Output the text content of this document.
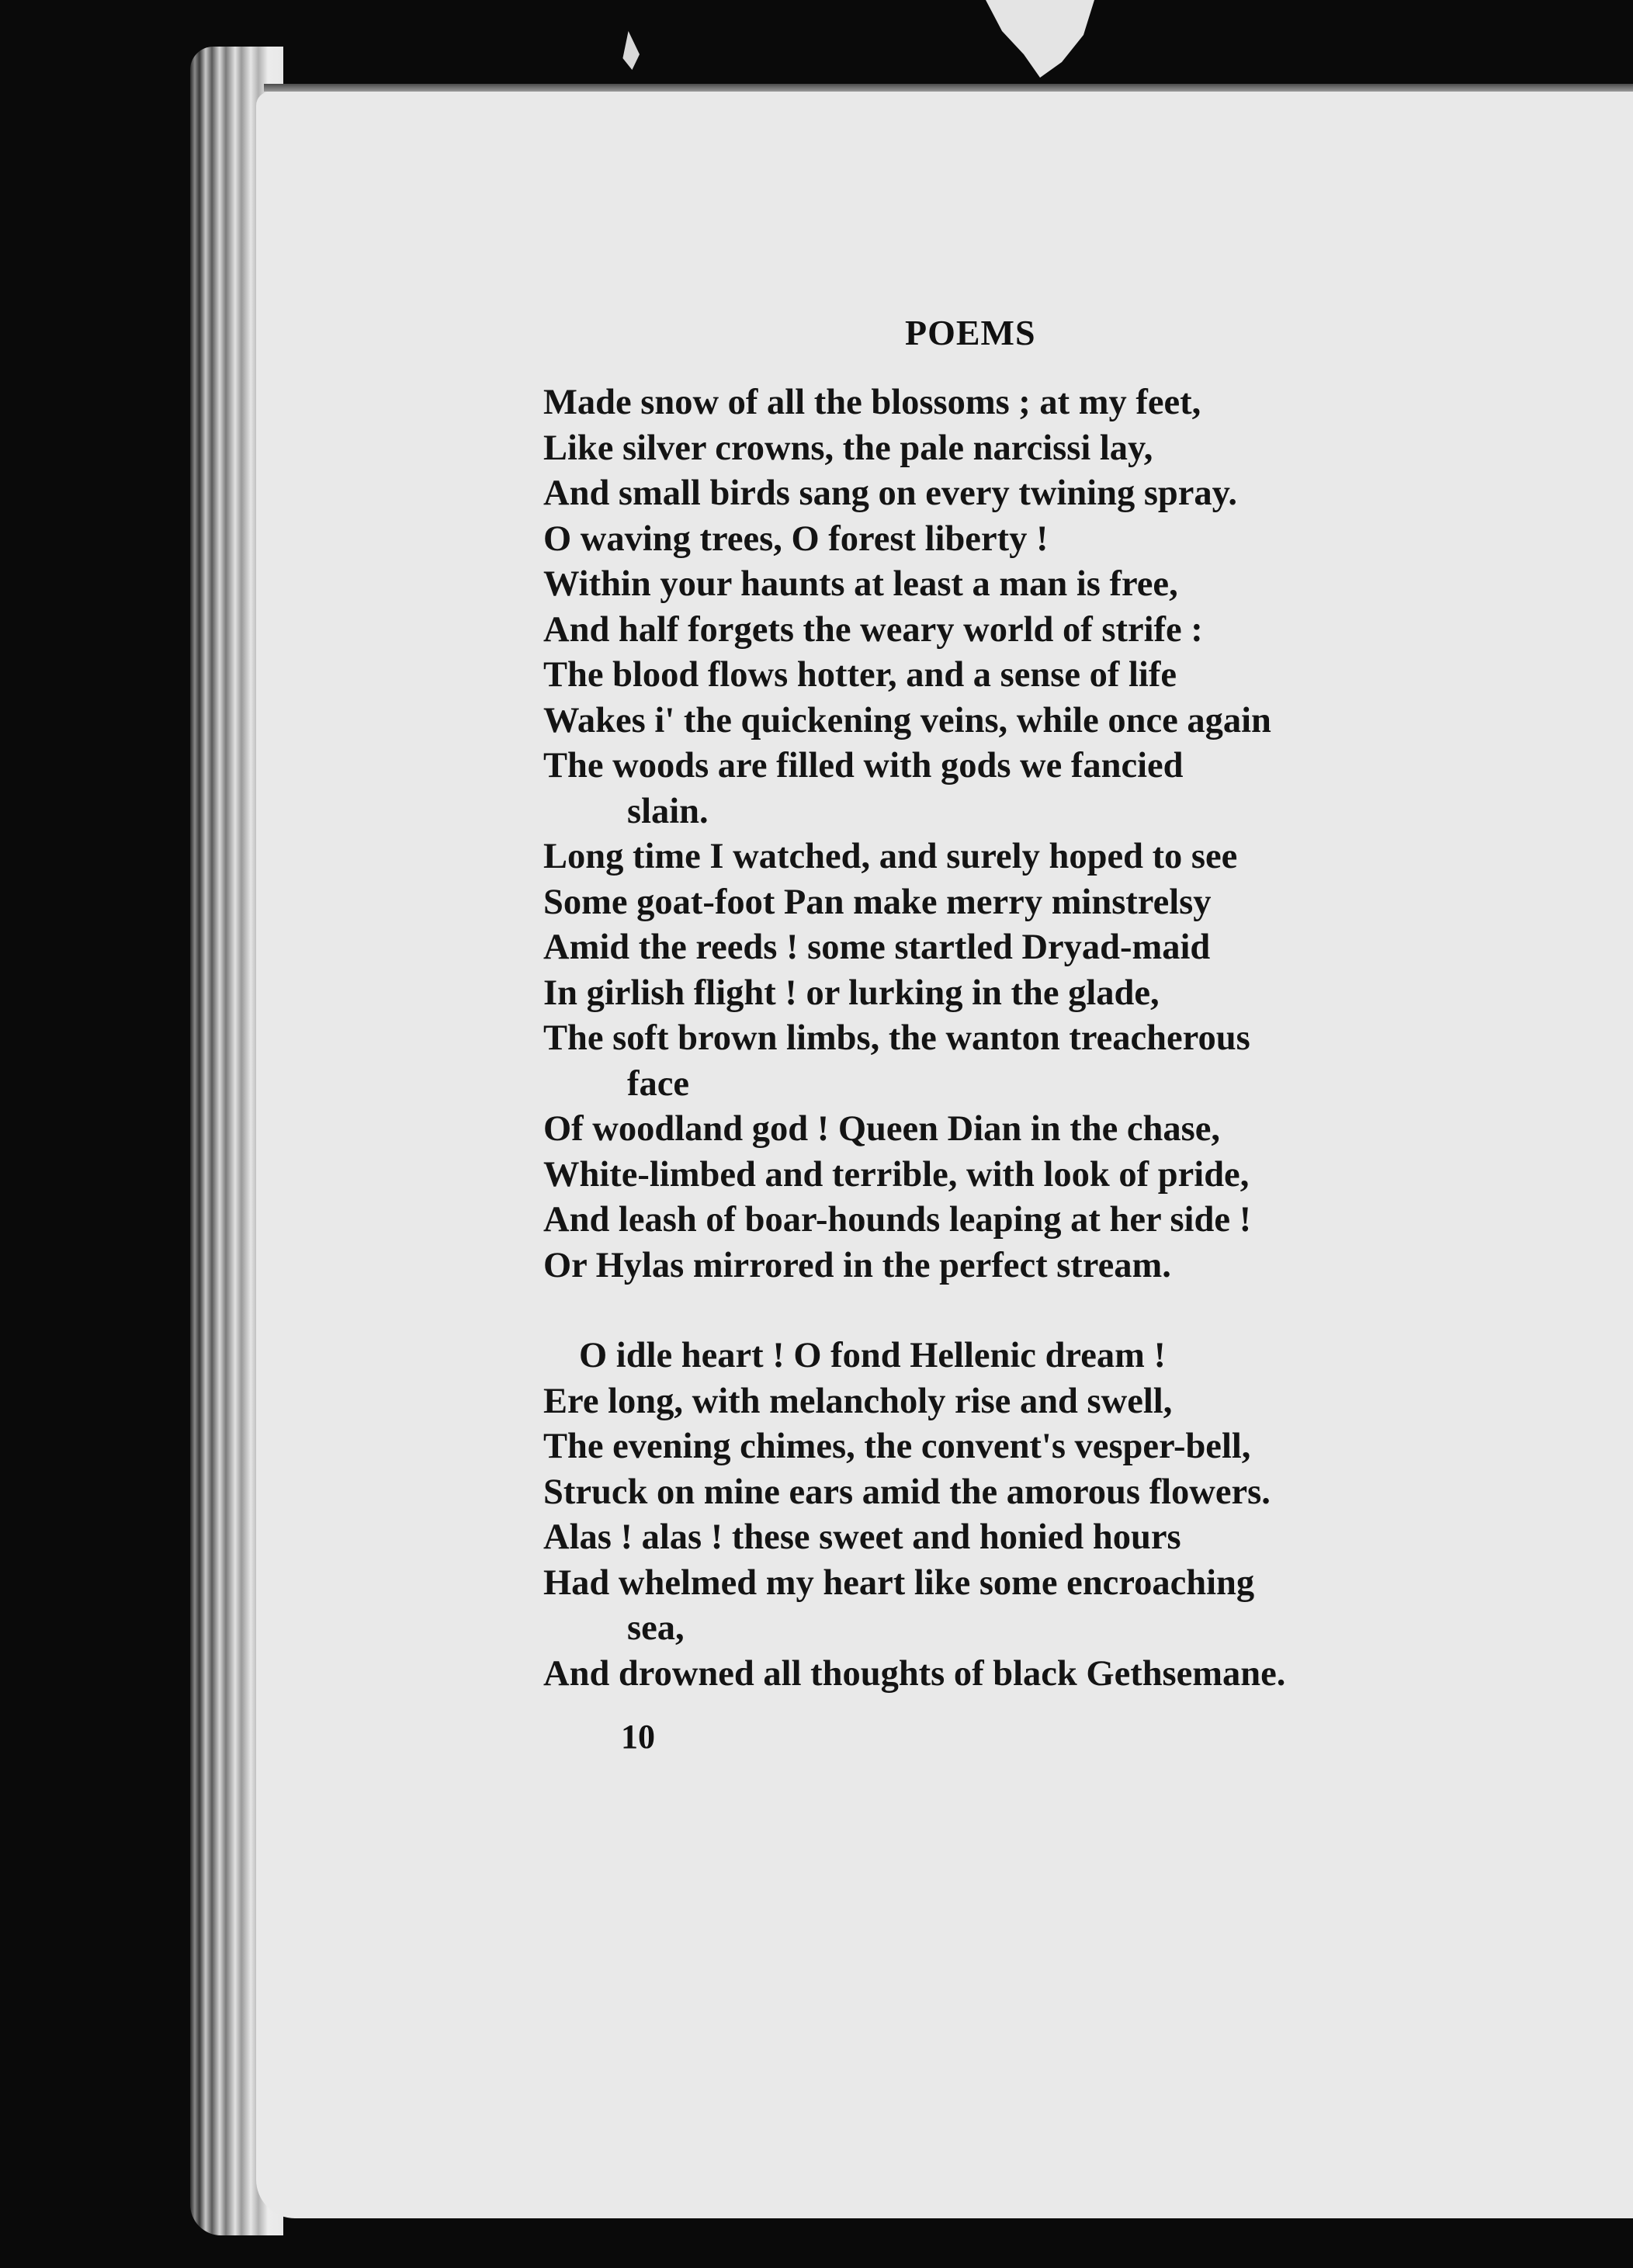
POEMS
Made snow of all the blossoms ; at my feet,
Like silver crowns, the pale narcissi lay,
And small birds sang on every twining spray.
O waving trees, O forest liberty !
Within your haunts at least a man is free,
And half forgets the weary world of strife :
The blood flows hotter, and a sense of life
Wakes i' the quickening veins, while once again
The woods are filled with gods we fancied
slain.
Long time I watched, and surely hoped to see
Some goat-foot Pan make merry minstrelsy
Amid the reeds ! some startled Dryad-maid
In girlish flight ! or lurking in the glade,
The soft brown limbs, the wanton treacherous
face
Of woodland god ! Queen Dian in the chase,
White-limbed and terrible, with look of pride,
And leash of boar-hounds leaping at her side !
Or Hylas mirrored in the perfect stream.
O idle heart ! O fond Hellenic dream !
Ere long, with melancholy rise and swell,
The evening chimes, the convent's vesper-bell,
Struck on mine ears amid the amorous flowers.
Alas ! alas ! these sweet and honied hours
Had whelmed my heart like some encroaching
sea,
And drowned all thoughts of black Gethsemane.
10
